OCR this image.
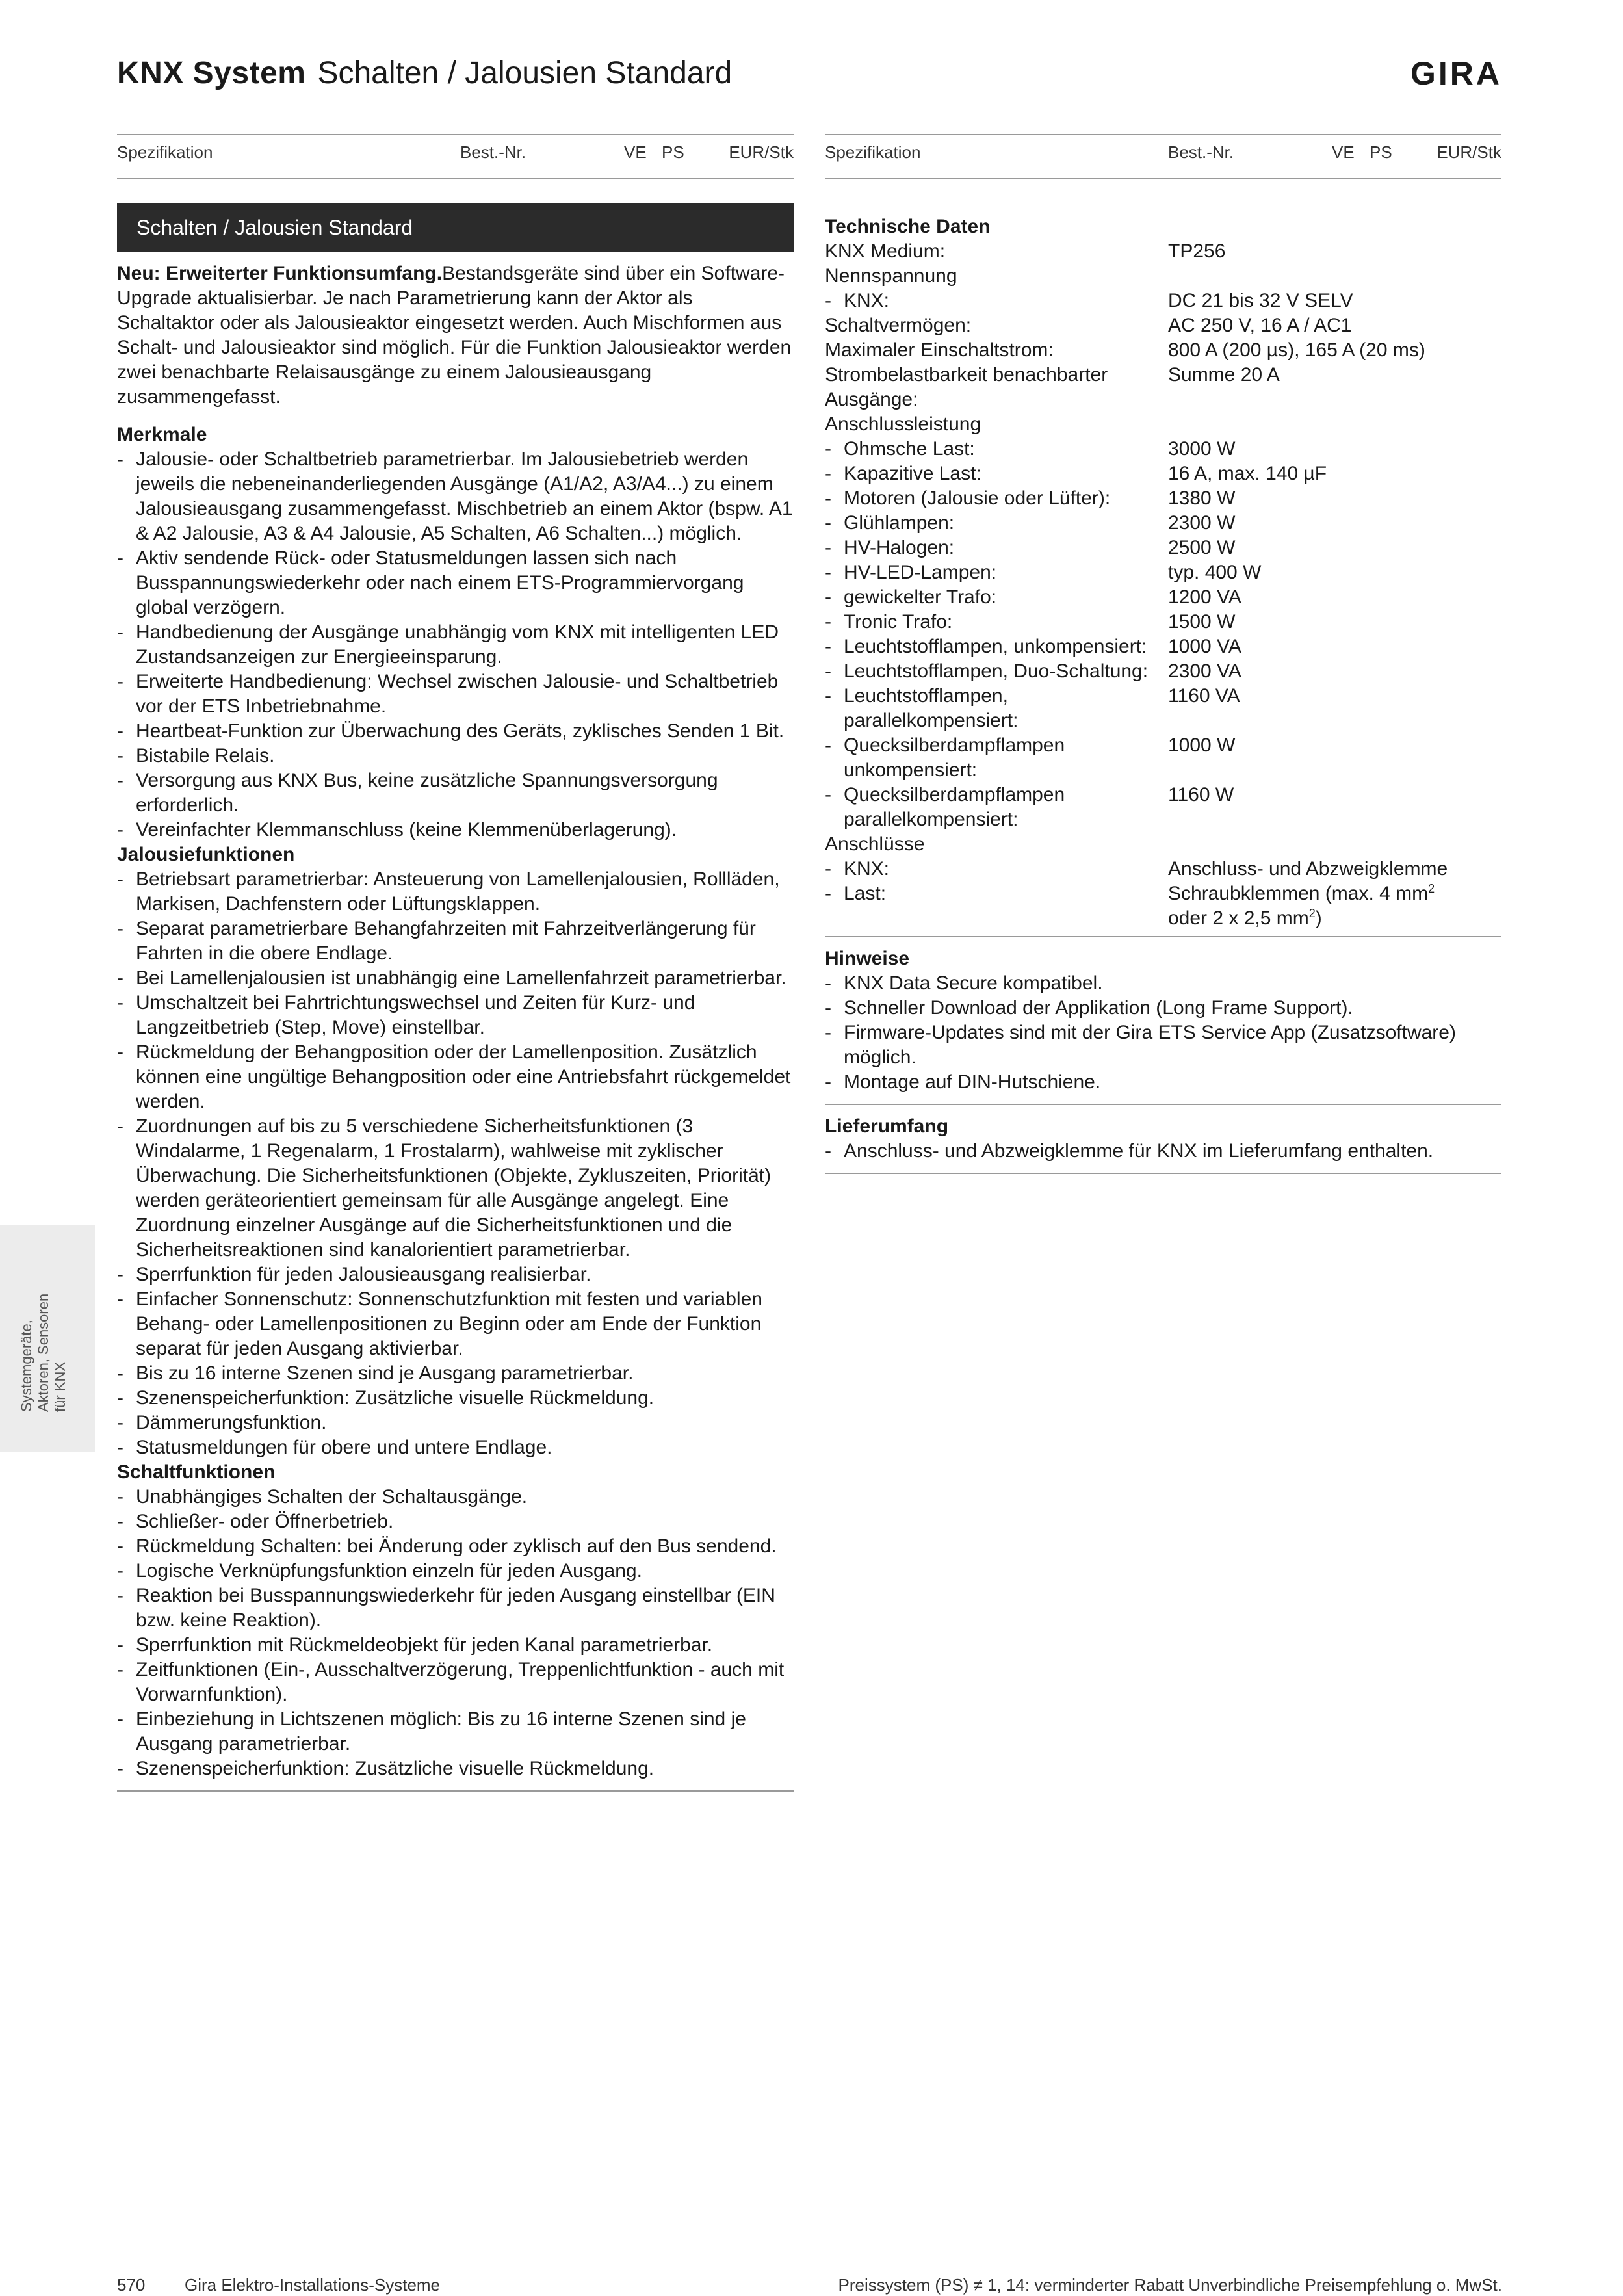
KNX System Schalten / Jalousien Standard	GIRA
Spezifikation	Best.-Nr.	VE PS	EUR/Stk Spezifikation	Best.-Nr.	VE PS	EUR/Stk
Schalten / Jalousien Standard

Neu: Erweiterter Funktionsumfang.Bestandsgeräte sind über ein Software-Upgrade aktualisierbar. Je nach Parametrierung kann der Aktor als Schaltaktor oder als Jalousieaktor eingesetzt werden. Auch Mischformen aus Schalt- und Jalousieaktor sind möglich. Für die Funktion Jalousieaktor werden zwei benachbarte Relaisausgänge zu einem Jalousieausgang zusammengefasst.

Merkmale

- Jalousie- oder Schaltbetrieb parametrierbar. Im Jalousiebetrieb werden jeweils die nebeneinanderliegenden Ausgänge (A1/A2, A3/A4...) zu einem Jalousieausgang zusammengefasst. Mischbetrieb an einem Aktor (bspw. A1 & A2 Jalousie, A3 & A4 Jalousie, A5 Schalten, A6 Schalten...) möglich.
- Aktiv sendende Rück- oder Statusmeldungen lassen sich nach Busspannungswiederkehr oder nach einem ETS-Programmiervorgang global verzögern.
- Handbedienung der Ausgänge unabhängig vom KNX mit intelligenten LED Zustandsanzeigen zur Energieeinsparung.
- Erweiterte Handbedienung: Wechsel zwischen Jalousie- und Schaltbetrieb vor der ETS Inbetriebnahme.
- Heartbeat-Funktion zur Überwachung des Geräts, zyklisches Senden 1 Bit.
- Bistabile Relais.
- Versorgung aus KNX Bus, keine zusätzliche Spannungsversorgung erforderlich.
- Vereinfachter Klemmanschluss (keine Klemmenüberlagerung).

Jalousiefunktionen

- Betriebsart parametrierbar: Ansteuerung von Lamellenjalousien, Rollläden, Markisen, Dachfenstern oder Lüftungsklappen.
- Separat parametrierbare Behangfahrzeiten mit Fahrzeitverlängerung für Fahrten in die obere Endlage.
- Bei Lamellenjalousien ist unabhängig eine Lamellenfahrzeit parametrierbar.
- Umschaltzeit bei Fahrtrichtungswechsel und Zeiten für Kurz- und Langzeitbetrieb (Step, Move) einstellbar.
- Rückmeldung der Behangposition oder der Lamellenposition. Zusätzlich können eine ungültige Behangposition oder eine Antriebsfahrt rückgemeldet werden.
- Zuordnungen auf bis zu 5 verschiedene Sicherheitsfunktionen (3 Windalarme, 1 Regenalarm, 1 Frostalarm), wahlweise mit zyklischer Überwachung. Die Sicherheitsfunktionen (Objekte, Zykluszeiten, Priorität) werden geräteorientiert gemeinsam für alle Ausgänge angelegt. Eine Zuordnung einzelner Ausgänge auf die Sicherheitsfunktionen und die Sicherheitsreaktionen sind kanalorientiert parametrierbar.
- Sperrfunktion für jeden Jalousieausgang realisierbar.
- Einfacher Sonnenschutz: Sonnenschutzfunktion mit festen und variablen Behang- oder Lamellenpositionen zu Beginn oder am Ende der Funktion separat für jeden Ausgang aktivierbar.
- Bis zu 16 interne Szenen sind je Ausgang parametrierbar.
- Szenenspeicherfunktion: Zusätzliche visuelle Rückmeldung.
- Dämmerungsfunktion.
- Statusmeldungen für obere und untere Endlage.

Schaltfunktionen

- Unabhängiges Schalten der Schaltausgänge.
- Schließer- oder Öffnerbetrieb.
- Rückmeldung Schalten: bei Änderung oder zyklisch auf den Bus sendend.
- Logische Verknüpfungsfunktion einzeln für jeden Ausgang.
- Reaktion bei Busspannungswiederkehr für jeden Ausgang einstellbar (EIN bzw. keine Reaktion).
- Sperrfunktion mit Rückmeldeobjekt für jeden Kanal parametrierbar.
- Zeitfunktionen (Ein-, Ausschaltverzögerung, Treppenlichtfunktion - auch mit Vorwarnfunktion).
- Einbeziehung in Lichtszenen möglich: Bis zu 16 interne Szenen sind je Ausgang parametrierbar.
- Szenenspeicherfunktion: Zusätzliche visuelle Rückmeldung.

Technische Daten

KNX Medium:	TP256
Nennspannung
- KNX:	DC 21 bis 32 V SELV
Schaltvermögen:	AC 250 V, 16 A / AC1
Maximaler Einschaltstrom:	800 A (200 µs), 165 A (20 ms)
Strombelastbarkeit benachbarter Ausgänge:
Summe 20 A
Anschlussleistung
- Ohmsche Last:	3000 W
- Kapazitive Last:	16 A, max. 140 µF
- Motoren (Jalousie oder Lüfter):	1380 W
- Glühlampen:	2300 W
- HV-Halogen:	2500 W
- HV-LED-Lampen:	typ. 400 W
- gewickelter Trafo:	1200 VA
- Tronic Trafo:	1500 W
- Leuchtstofflampen, unkompensiert: 1000 VA
- Leuchtstofflampen, Duo-Schaltung: 2300 VA
- Leuchtstofflampen, parallelkompensiert:
1160 VA
- Quecksilberdampflampen unkompensiert:
1000 W
- Quecksilberdampflampen parallelkompensiert:
1160 W
Anschlüsse
- KNX:	Anschluss- und Abzweigklemme
- Last:	Schraubklemmen (max. 4 $mm^2$
oder 2 x 2,5 $mm^2$)

Hinweise

- KNX Data Secure kompatibel.
- Schneller Download der Applikation (Long Frame Support).
- Firmware-Updates sind mit der Gira ETS Service App (Zusatzsoftware) möglich.
- Montage auf DIN-Hutschiene.

Lieferumfang

- Anschluss- und Abzweigklemme für KNX im Lieferumfang enthalten.
Systemgeräte, Aktoren, Sensoren für KNX
570 Gira Elektro-Installations-Systeme	Preissystem (PS) ≠ 1, 14: verminderter Rabatt Unverbindliche Preisempfehlung o. MwSt.
